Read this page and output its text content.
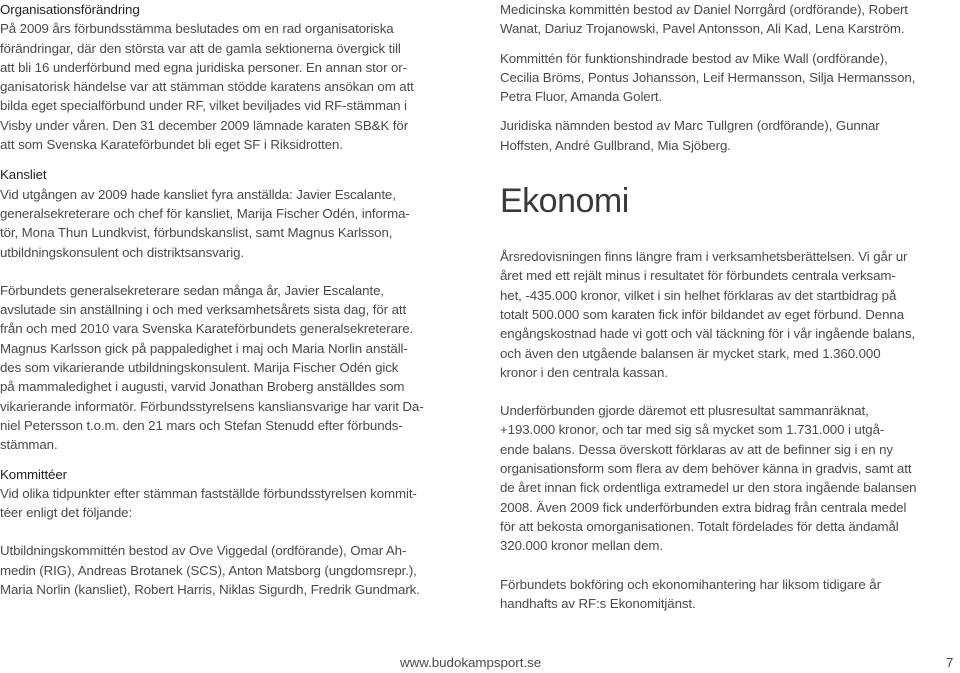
Organisationsförändring

På 2009 års förbundsstämma beslutades om en rad organisatoriska
förändringar, där den största var att de gamla sektionerna övergick till
att bli 16 underförbund med egna juridiska personer. En annan stor or-
ganisatorisk händelse var att stämman stödde karatens ansökan om att
bilda eget specialförbund under RF, vilket beviljades vid RF-stämman i
Visby under våren. Den 31 december 2009 lämnade karaten SB&K för
att som Svenska Karateförbundet bli eget SF i Riksidrotten.

Kansliet

Vid utgången av 2009 hade kansliet fyra anställda: Javier Escalante,
generalsekreterare och chef för kansliet, Marija Fischer Odén, informa-
tör, Mona Thun Lundkvist, förbundskanslist, samt Magnus Karlsson,
utbildningskonsulent och distriktsansvarig.

Förbundets generalsekreterare sedan många år, Javier Escalante,
avslutade sin anställning i och med verksamhetsårets sista dag, för att
från och med 2010 vara Svenska Karateförbundets generalsekreterare.
Magnus Karlsson gick på pappaledighet i maj och Maria Norlin anställ-
des som vikarierande utbildningskonsulent. Marija Fischer Odén gick
på mammaledighet i augusti, varvid Jonathan Broberg anställdes som
vikarierande informatör. Förbundsstyrelsens kansliansvarige har varit Da-
niel Petersson t.o.m. den 21 mars och Stefan Stenudd efter förbunds-
stämman.

Kommittéer

Vid olika tidpunkter efter stämman fastställde förbundsstyrelsen kommit-
téer enligt det följande:

Utbildningskommittén bestod av Ove Viggedal (ordförande), Omar Ah-
medin (RIG), Andreas Brotanek (SCS), Anton Matsborg (ungdomsrepr.),
Maria Norlin (kansliet), Robert Harris, Niklas Sigurdh, Fredrik Gundmark.

Medicinska kommittén bestod av Daniel Norrgård (ordförande), Robert
Wanat, Dariuz Trojanowski, Pavel Antonsson, Ali Kad, Lena Karström.

Kommittén för funktionshindrade bestod av Mike Wall (ordförande),
Cecilia Bröms, Pontus Johansson, Leif Hermansson, Silja Hermansson,
Petra Fluor, Amanda Golert.

Juridiska nämnden bestod av Marc Tullgren (ordförande), Gunnar
Hoffsten, André Gullbrand, Mia Sjöberg.

Ekonomi

Årsredovisningen finns längre fram i verksamhetsberättelsen. Vi går ur
året med ett rejält minus i resultatet för förbundets centrala verksam-
het, -435.000 kronor, vilket i sin helhet förklaras av det startbidrag på
totalt 500.000 som karaten fick inför bildandet av eget förbund. Denna
engångskostnad hade vi gott och väl täckning för i vår ingående balans,
och även den utgående balansen är mycket stark, med 1.360.000
kronor i den centrala kassan.

Underförbunden gjorde däremot ett plusresultat sammanräknat,
+193.000 kronor, och tar med sig så mycket som 1.731.000 i utgå-
ende balans. Dessa överskott förklaras av att de befinner sig i en ny
organisationsform som flera av dem behöver känna in gradvis, samt att
de året innan fick ordentliga extramedel ur den stora ingående balansen
2008. Även 2009 fick underförbunden extra bidrag från centrala medel
för att bekosta omorganisationen. Totalt fördelades för detta ändamål
320.000 kronor mellan dem.

Förbundets bokföring och ekonomihantering har liksom tidigare år
handhafts av RF:s Ekonomitjänst.

www.budokampsport.se	7
